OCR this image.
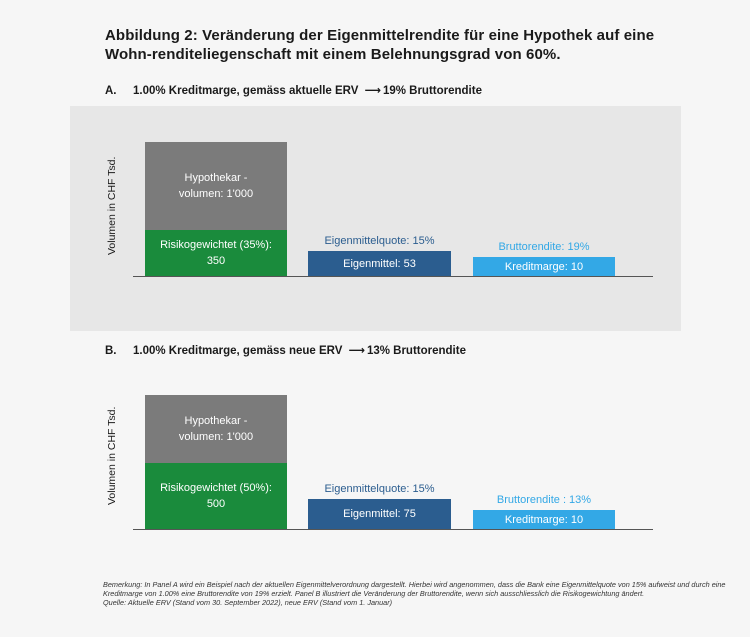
Abbildung 2: Veränderung der Eigenmittelrendite für eine Hypothek auf eine Wohn-renditeliegenschaft mit einem Belehnungsgrad von 60%.
A. 1.00% Kreditmarge, gemäss aktuelle ERV ⟶ 19% Bruttorendite
Volumen in CHF Tsd.	Hypothekar -
volumen: 1'000
Risikogewichtet (35%):
350	Eigenmittel: 53
Eigenmittelquote: 15%
Kreditmarge: 10
Bruttorendite: 19%
B. 1.00% Kreditmarge, gemäss neue ERV ⟶ 13% Bruttorendite
Volumen in CHF Tsd.	Hypothekar -
volumen: 1'000
Risikogewichtet (50%):
500
Eigenmittel: 75
Eigenmittelquote: 15%
Kreditmarge: 10
Bruttorendite : 13%
Bemerkung: In Panel A wird ein Beispiel nach der aktuellen Eigenmittelverordnung dargestellt. Hierbei wird angenommen, dass die Bank eine Eigenmittelquote von 15% aufweist und durch eine Kreditmarge von 1.00% eine Bruttorendite von 19% erzielt. Panel B illustriert die Veränderung der Bruttorendite, wenn sich ausschliesslich die Risikogewichtung ändert.
Quelle: Aktuelle ERV (Stand vom 30. September 2022), neue ERV (Stand vom 1. Januar)
